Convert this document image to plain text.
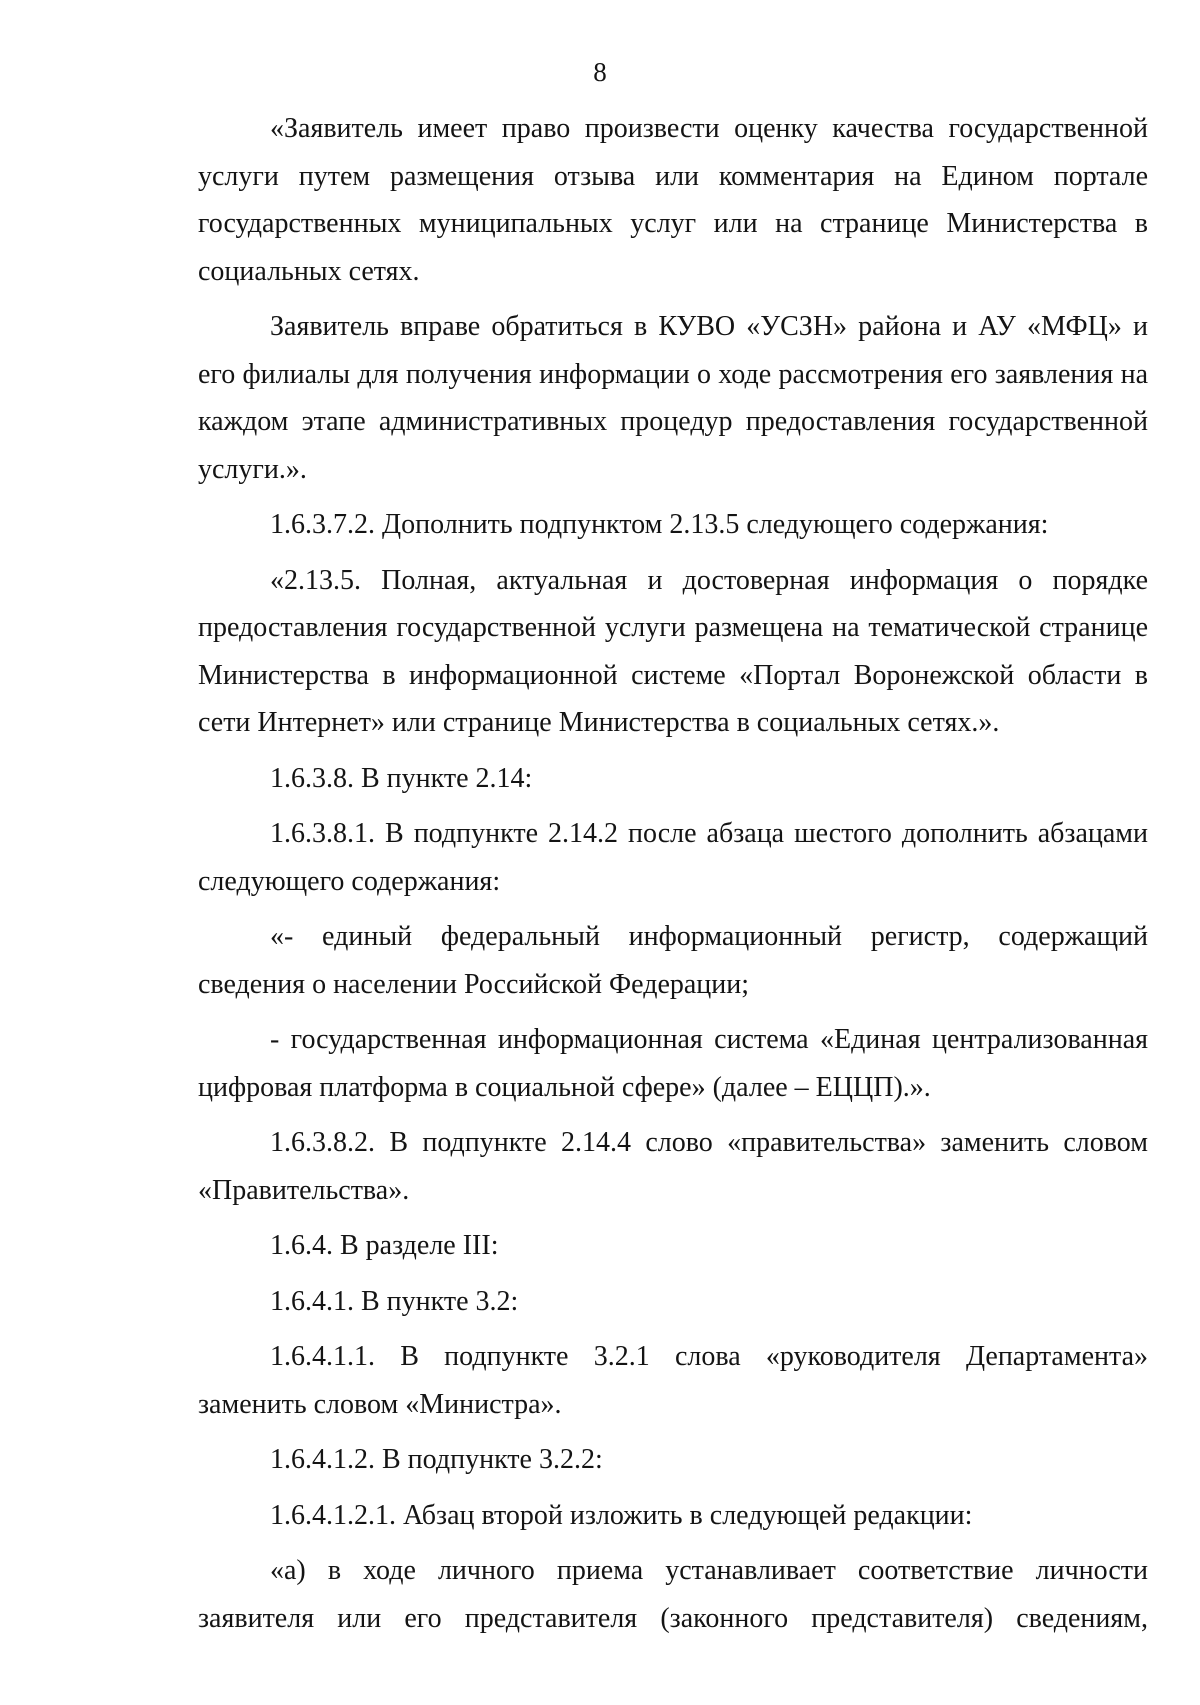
8

«Заявитель имеет право произвести оценку качества государственной услуги путем размещения отзыва или комментария на Едином портале государственных муниципальных услуг или на странице Министерства в социальных сетях.

Заявитель вправе обратиться в КУВО «УСЗН» района и АУ «МФЦ» и его филиалы для получения информации о ходе рассмотрения его заявления на каждом этапе административных процедур предоставления государственной услуги.».

1.6.3.7.2. Дополнить подпунктом 2.13.5 следующего содержания:

«2.13.5. Полная, актуальная и достоверная информация о порядке предоставления государственной услуги размещена на тематической странице Министерства в информационной системе «Портал Воронежской области в сети Интернет» или странице Министерства в социальных сетях.».

1.6.3.8. В пункте 2.14:

1.6.3.8.1. В подпункте 2.14.2 после абзаца шестого дополнить абзацами следующего содержания:

«- единый федеральный информационный регистр, содержащий сведения о населении Российской Федерации;

- государственная информационная система «Единая централизованная цифровая платформа в социальной сфере» (далее – ЕЦЦП).».

1.6.3.8.2. В подпункте 2.14.4 слово «правительства» заменить словом «Правительства».

1.6.4. В разделе III:

1.6.4.1. В пункте 3.2:

1.6.4.1.1. В подпункте 3.2.1 слова «руководителя Департамента» заменить словом «Министра».

1.6.4.1.2. В подпункте 3.2.2:

1.6.4.1.2.1. Абзац второй изложить в следующей редакции:

«а) в ходе личного приема устанавливает соответствие личности заявителя или его представителя (законного представителя) сведениям,
